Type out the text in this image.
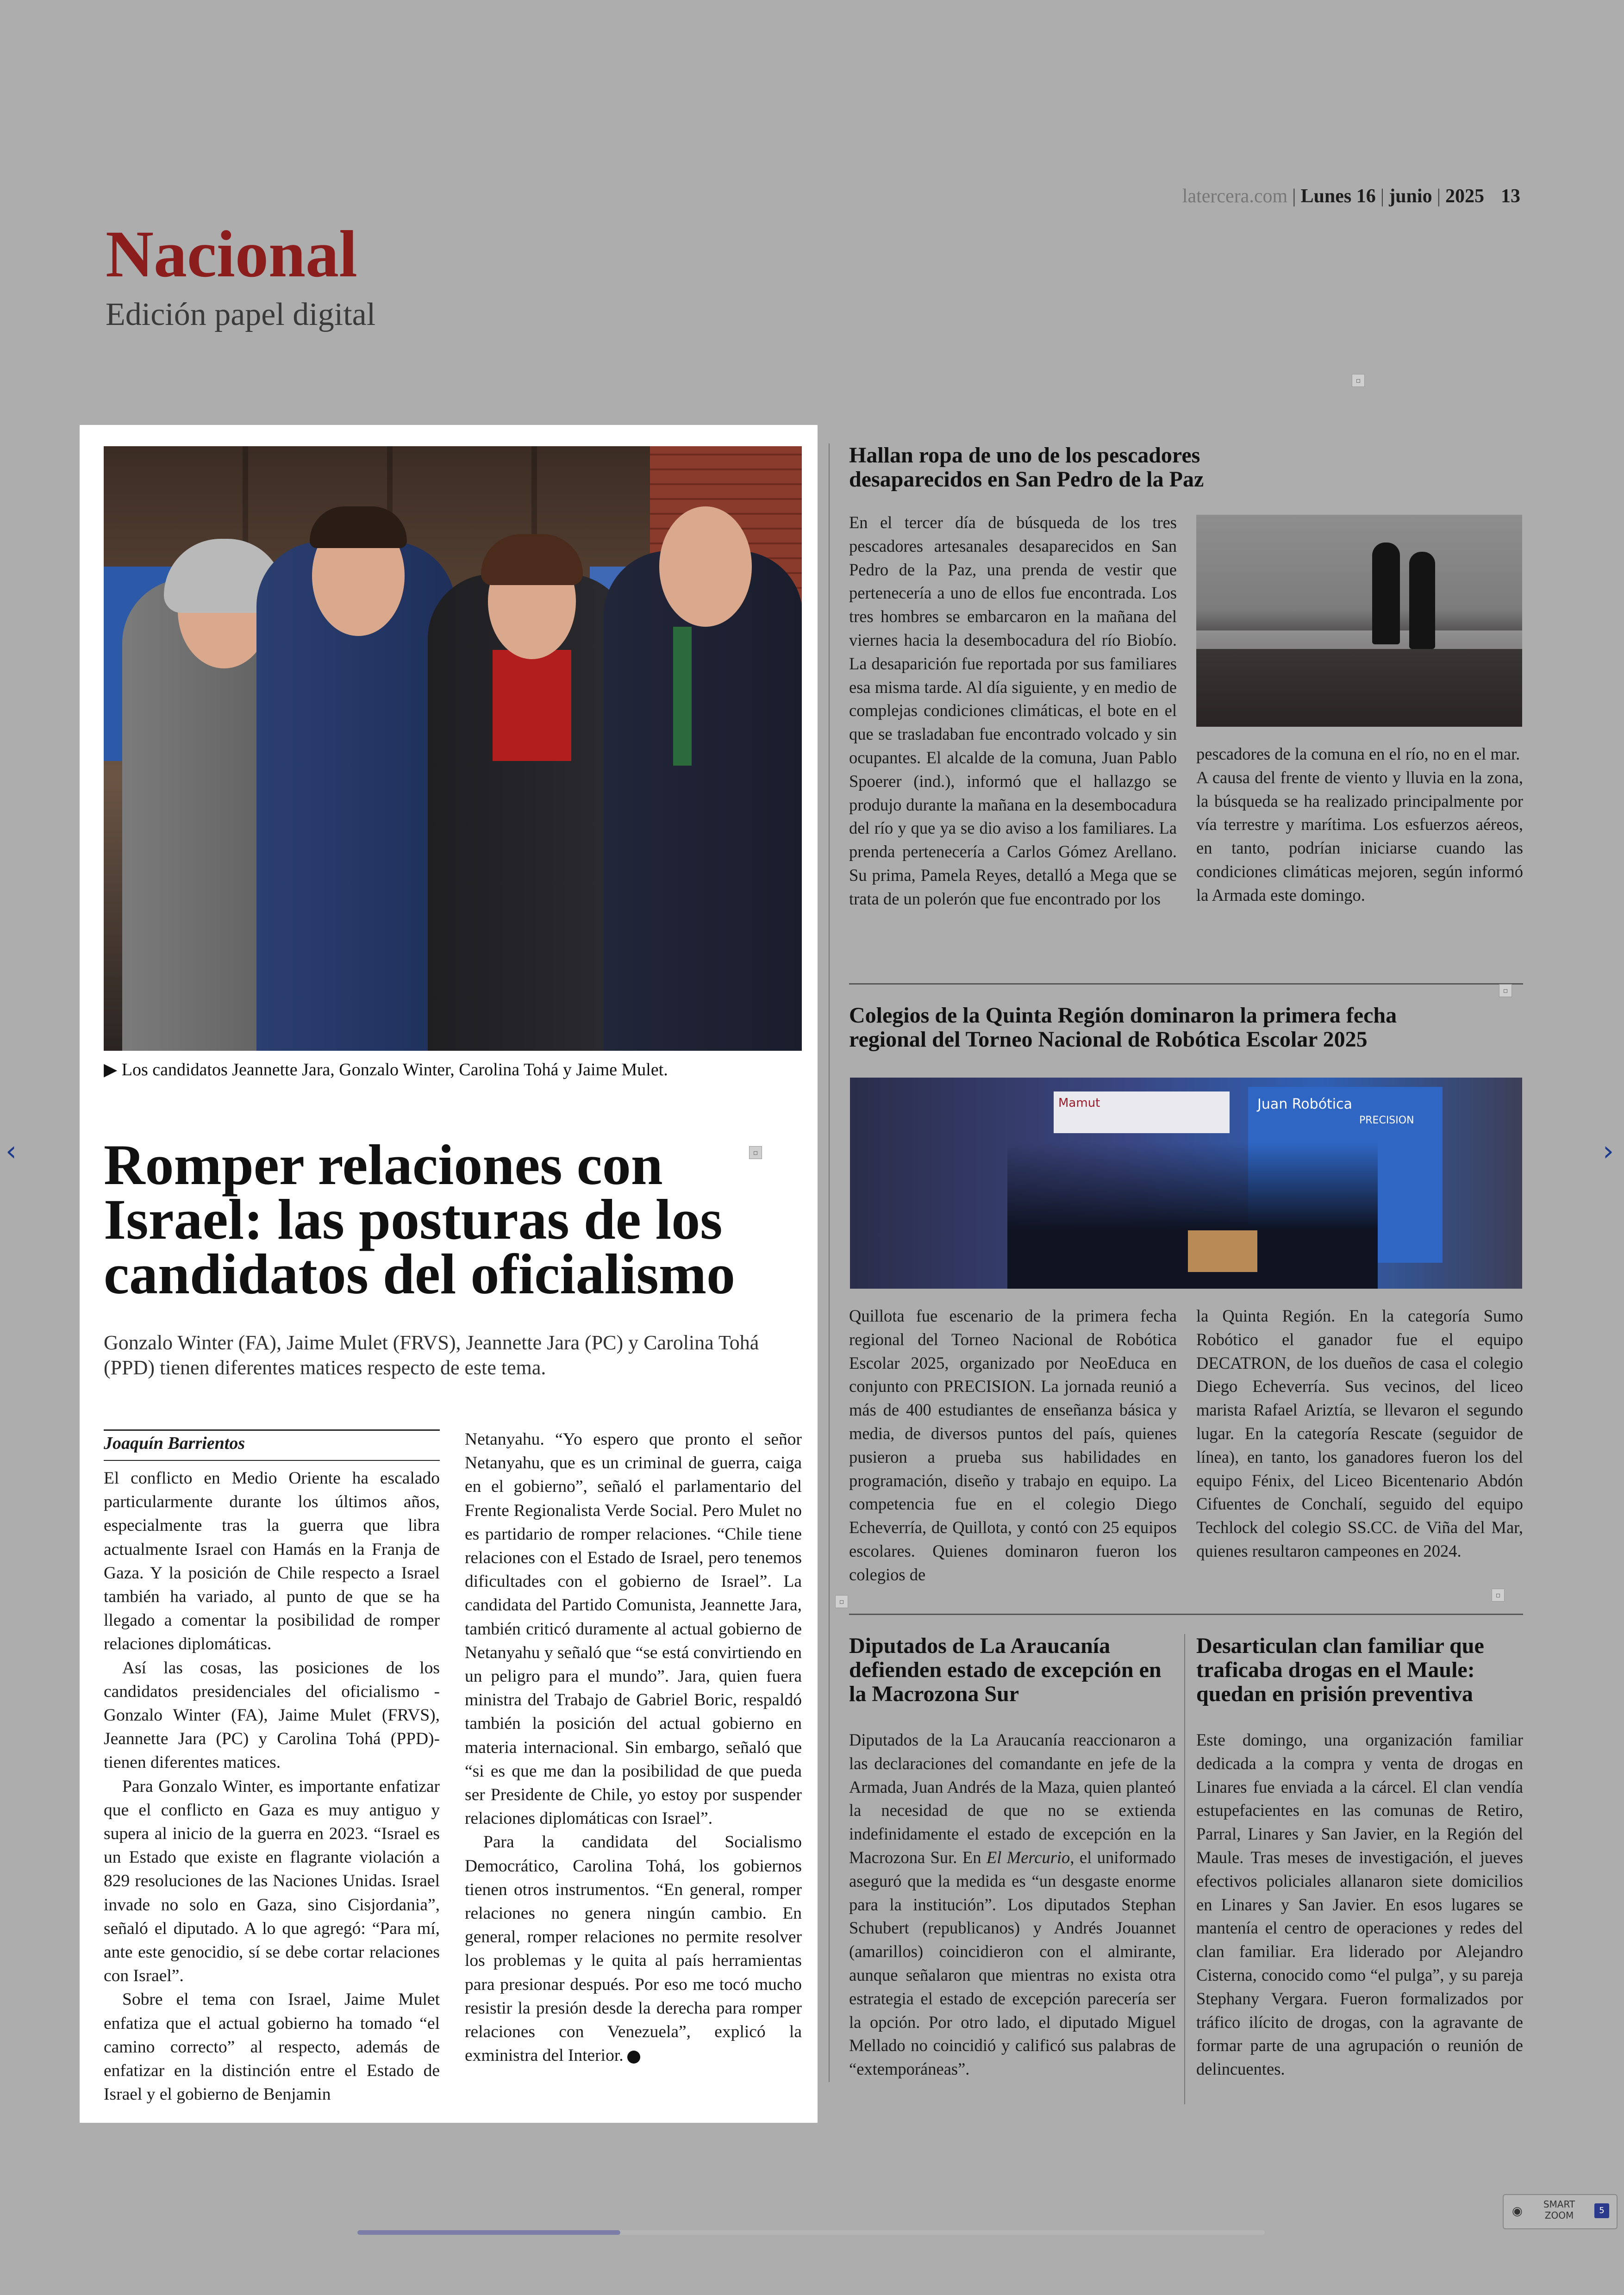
latercera.com | Lunes 16 | junio | 2025 13
Nacional
Edición papel digital
▶ Los candidatos Jeannette Jara, Gonzalo Winter, Carolina Tohá y Jaime Mulet.
▫
Romper relaciones con Israel: las posturas de los candidatos del oficialismo

Gonzalo Winter (FA), Jaime Mulet (FRVS), Jeannette Jara (PC) y Carolina Tohá (PPD) tienen diferentes matices respecto de este tema.

Joaquín Barrientos

El conflicto en Medio Oriente ha escalado particularmente durante los últimos años, especialmente tras la guerra que libra actualmente Israel con Hamás en la Franja de Gaza. Y la posición de Chile respecto a Israel también ha variado, al punto de que se ha llegado a comentar la posibilidad de romper relaciones diplomáticas.

Así las cosas, las posiciones de los candidatos presidenciales del oficialismo -Gonzalo Winter (FA), Jaime Mulet (FRVS), Jeannette Jara (PC) y Carolina Tohá (PPD)- tienen diferentes matices.

Para Gonzalo Winter, es importante enfatizar que el conflicto en Gaza es muy antiguo y supera al inicio de la guerra en 2023. “Israel es un Estado que existe en flagrante violación a 829 resoluciones de las Naciones Unidas. Israel invade no solo en Gaza, sino Cisjordania”, señaló el diputado. A lo que agregó: “Para mí, ante este genocidio, sí se debe cortar relaciones con Israel”.

Sobre el tema con Israel, Jaime Mulet enfatiza que el actual gobierno ha tomado “el camino correcto” al respecto, además de enfatizar en la distinción entre el Estado de Israel y el gobierno de Benjamin

Netanyahu. “Yo espero que pronto el señor Netanyahu, que es un criminal de guerra, caiga en el gobierno”, señaló el parlamentario del Frente Regionalista Verde Social. Pero Mulet no es partidario de romper relaciones. “Chile tiene relaciones con el Estado de Israel, pero tenemos dificultades con el gobierno de Israel”. La candidata del Partido Comunista, Jeannette Jara, también criticó duramente al actual gobierno de Netanyahu y señaló que “se está convirtiendo en un peligro para el mundo”. Jara, quien fuera ministra del Trabajo de Gabriel Boric, respaldó también la posición del actual gobierno en materia internacional. Sin embargo, señaló que “si es que me dan la posibilidad de que pueda ser Presidente de Chile, yo estoy por suspender relaciones diplomáticas con Israel”.

Para la candidata del Socialismo Democrático, Carolina Tohá, los gobiernos tienen otros instrumentos. “En general, romper relaciones no genera ningún cambio. En general, romper relaciones no permite resolver los problemas y le quita al país herramientas para presionar después. Por eso me tocó mucho resistir la presión desde la derecha para romper relaciones con Venezuela”, explicó la exministra del Interior.

▫
Hallan ropa de uno de los pescadores desaparecidos en San Pedro de la Paz

En el tercer día de búsqueda de los tres pescadores artesanales desaparecidos en San Pedro de la Paz, una prenda de vestir que pertenecería a uno de ellos fue encontrada. Los tres hombres se embarcaron en la mañana del viernes hacia la desembocadura del río Biobío. La desaparición fue reportada por sus familiares esa misma tarde. Al día siguiente, y en medio de complejas condiciones climáticas, el bote en el que se trasladaban fue encontrado volcado y sin ocupantes. El alcalde de la comuna, Juan Pablo Spoerer (ind.), informó que el hallazgo se produjo durante la mañana en la desembocadura del río y que ya se dio aviso a los familiares. La prenda pertenecería a Carlos Gómez Arellano. Su prima, Pamela Reyes, detalló a Mega que se trata de un polerón que fue encontrado por los

pescadores de la comuna en el río, no en el mar.

A causa del frente de viento y lluvia en la zona, la búsqueda se ha realizado principalmente por vía terrestre y marítima. Los esfuerzos aéreos, en tanto, podrían iniciarse cuando las condiciones climáticas mejoren, según informó la Armada este domingo.

▫
Colegios de la Quinta Región dominaron la primera fecha regional del Torneo Nacional de Robótica Escolar 2025
Mamut	Juan Robótica
PRECISION

Quillota fue escenario de la primera fecha regional del Torneo Nacional de Robótica Escolar 2025, organizado por NeoEduca en conjunto con PRECISION. La jornada reunió a más de 400 estudiantes de enseñanza básica y media, de diversos puntos del país, quienes pusieron a prueba sus habilidades en programación, diseño y trabajo en equipo. La competencia fue en el colegio Diego Echeverría, de Quillota, y contó con 25 equipos escolares. Quienes dominaron fueron los colegios de

la Quinta Región. En la categoría Sumo Robótico el ganador fue el equipo DECATRON, de los dueños de casa el colegio Diego Echeverría. Sus vecinos, del liceo marista Rafael Ariztía, se llevaron el segundo lugar. En la categoría Rescate (seguidor de línea), en tanto, los ganadores fueron los del equipo Fénix, del Liceo Bicentenario Abdón Cifuentes de Conchalí, seguido del equipo Techlock del colegio SS.CC. de Viña del Mar, quienes resultaron campeones en 2024.

▫
▫
Diputados de La Araucanía defienden estado de excepción en la Macrozona Sur

Diputados de la La Araucanía reaccionaron a las declaraciones del comandante en jefe de la Armada, Juan Andrés de la Maza, quien planteó la necesidad de que no se extienda indefinidamente el estado de excepción en la Macrozona Sur. En El Mercurio, el uniformado aseguró que la medida es “un desgaste enorme para la institución”. Los diputados Stephan Schubert (republicanos) y Andrés Jouannet (amarillos) coincidieron con el almirante, aunque señalaron que mientras no exista otra estrategia el estado de excepción parecería ser la opción. Por otro lado, el diputado Miguel Mellado no coincidió y calificó sus palabras de “extemporáneas”.

Desarticulan clan familiar que traficaba drogas en el Maule: quedan en prisión preventiva

Este domingo, una organización familiar dedicada a la compra y venta de drogas en Linares fue enviada a la cárcel. El clan vendía estupefacientes en las comunas de Retiro, Parral, Linares y San Javier, en la Región del Maule. Tras meses de investigación, el jueves efectivos policiales allanaron siete domicilios en Linares y San Javier. En esos lugares se mantenía el centro de operaciones y redes del clan familiar. Era liderado por Alejandro Cisterna, conocido como “el pulga”, y su pareja Stephany Vergara. Fueron formalizados por tráfico ilícito de drogas, con la agravante de formar parte de una agrupación o reunión de delincuentes.

‹	›
◉ SMART
ZOOM	5
